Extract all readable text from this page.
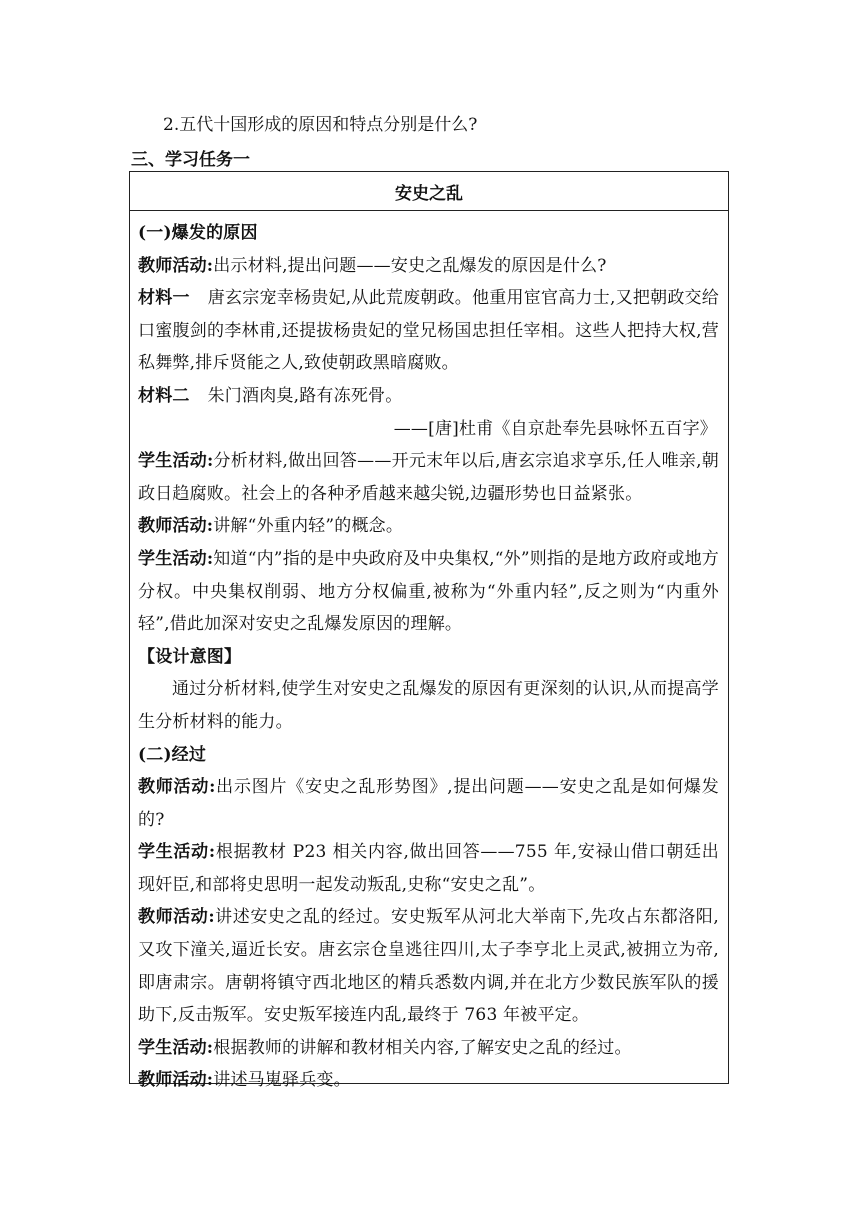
2.五代十国形成的原因和特点分别是什么?
三、学习任务一
安史之乱

(一)爆发的原因

教师活动:出示材料,提出问题——安史之乱爆发的原因是什么?

材料一 唐玄宗宠幸杨贵妃,从此荒废朝政。他重用宦官高力士,又把朝政交给口蜜腹剑的李林甫,还提拔杨贵妃的堂兄杨国忠担任宰相。这些人把持大权,营私舞弊,排斥贤能之人,致使朝政黑暗腐败。

材料二 朱门酒肉臭,路有冻死骨。

——[唐]杜甫《自京赴奉先县咏怀五百字》

学生活动:分析材料,做出回答——开元末年以后,唐玄宗追求享乐,任人唯亲,朝政日趋腐败。社会上的各种矛盾越来越尖锐,边疆形势也日益紧张。

教师活动:讲解“外重内轻”的概念。

学生活动:知道“内”指的是中央政府及中央集权,“外”则指的是地方政府或地方分权。中央集权削弱、地方分权偏重,被称为“外重内轻”,反之则为“内重外轻”,借此加深对安史之乱爆发原因的理解。

【设计意图】

通过分析材料,使学生对安史之乱爆发的原因有更深刻的认识,从而提高学生分析材料的能力。

(二)经过

教师活动:出示图片《安史之乱形势图》,提出问题——安史之乱是如何爆发的?

学生活动:根据教材 P23 相关内容,做出回答——755 年,安禄山借口朝廷出现奸臣,和部将史思明一起发动叛乱,史称“安史之乱”。

教师活动:讲述安史之乱的经过。安史叛军从河北大举南下,先攻占东都洛阳,又攻下潼关,逼近长安。唐玄宗仓皇逃往四川,太子李亨北上灵武,被拥立为帝,即唐肃宗。唐朝将镇守西北地区的精兵悉数内调,并在北方少数民族军队的援助下,反击叛军。安史叛军接连内乱,最终于 763 年被平定。

学生活动:根据教师的讲解和教材相关内容,了解安史之乱的经过。

教师活动:讲述马嵬驿兵变。
